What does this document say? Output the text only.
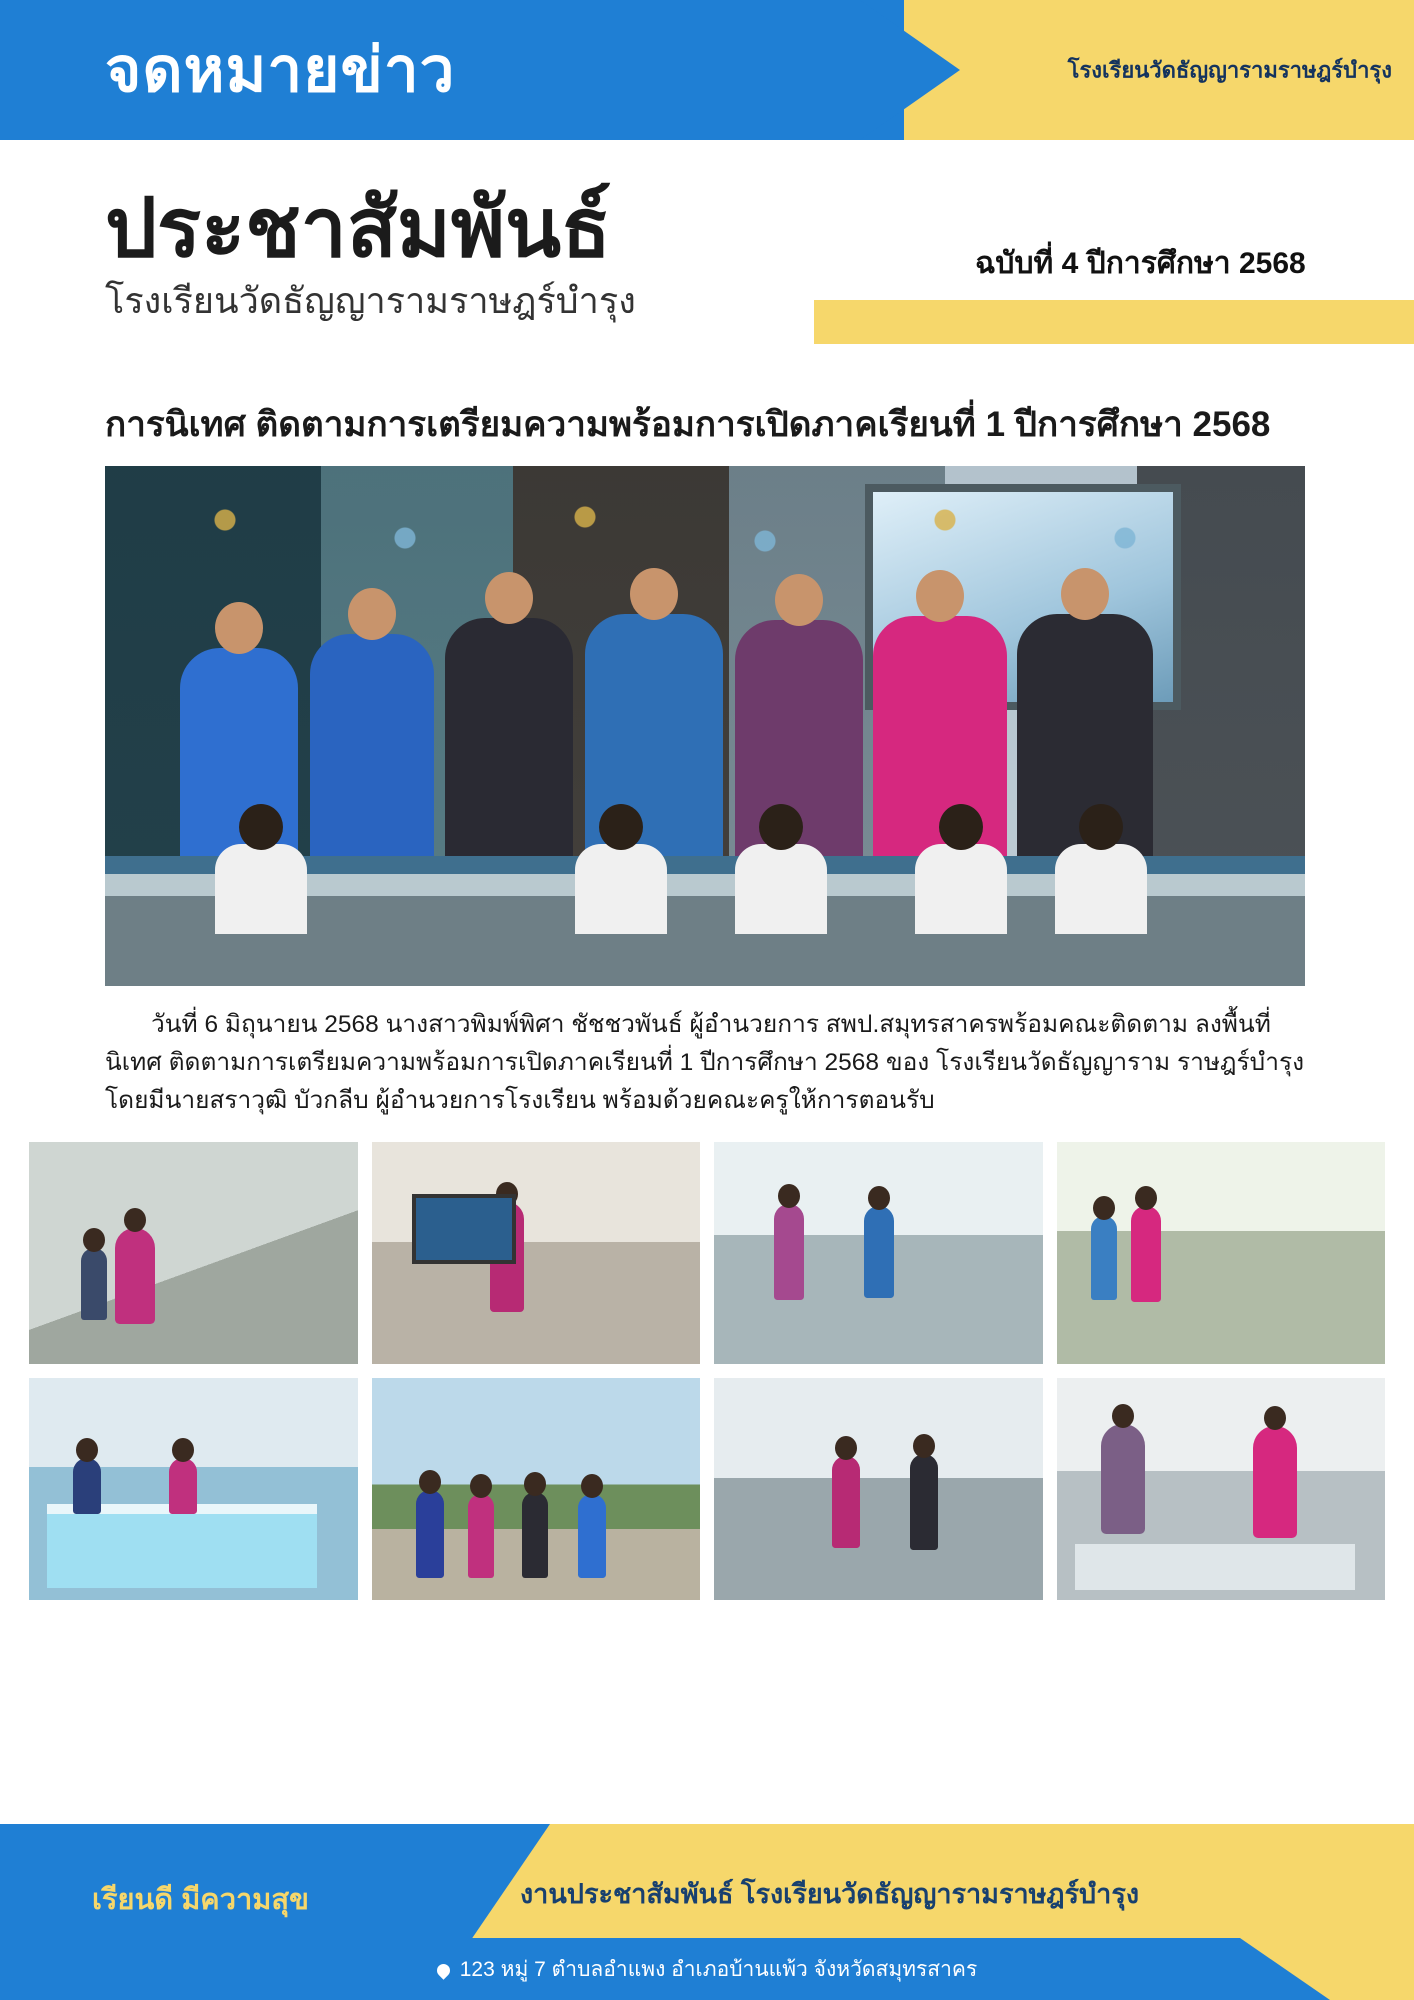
จดหมายข่าว	โรงเรียนวัดธัญญารามราษฎร์บำรุง
ประชาสัมพันธ์	ฉบับที่ 4 ปีการศึกษา 2568
โรงเรียนวัดธัญญารามราษฎร์บำรุง
การนิเทศ ติดตามการเตรียมความพร้อมการเปิดภาคเรียนที่ 1 ปีการศึกษา 2568

วันที่ 6 มิถุนายน 2568 นางสาวพิมพ์พิศา ชัชชวพันธ์ ผู้อำนวยการ สพป.สมุทรสาครพร้อมคณะติดตาม ลงพื้นที่นิเทศ ติดตามการเตรียมความพร้อมการเปิดภาคเรียนที่ 1 ปีการศึกษา 2568 ของ โรงเรียนวัดธัญญาราม ราษฎร์บำรุง โดยมีนายสราวุฒิ บัวกลีบ ผู้อำนวยการโรงเรียน พร้อมด้วยคณะครูให้การตอนรับ

เรียนดี มีความสุข	งานประชาสัมพันธ์ โรงเรียนวัดธัญญารามราษฎร์บำรุง
123 หมู่ 7 ตำบลอำแพง อำเภอบ้านแพ้ว จังหวัดสมุทรสาคร
